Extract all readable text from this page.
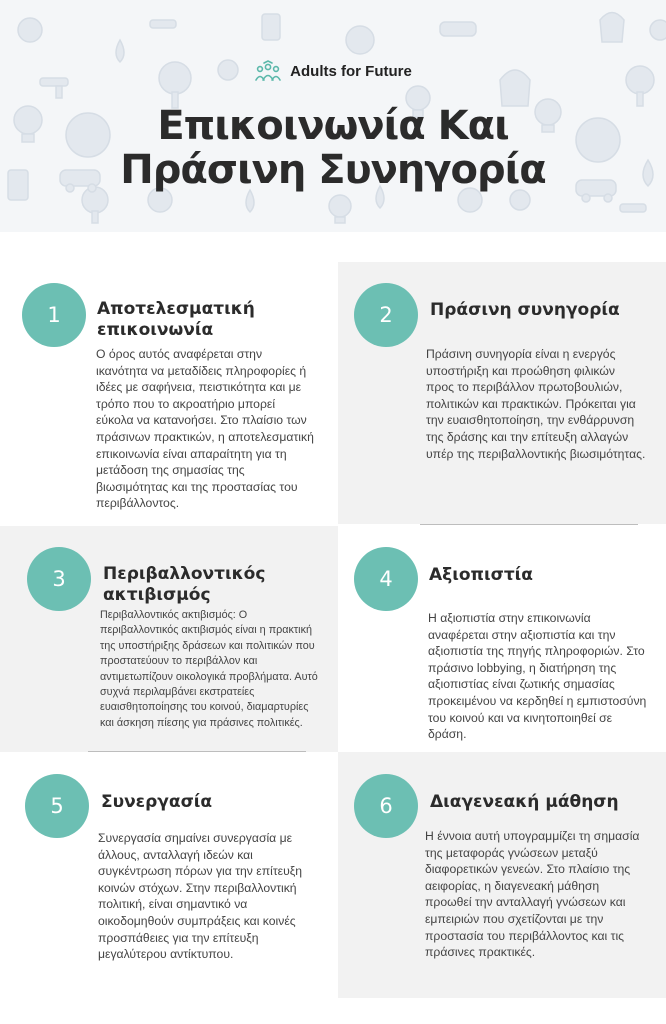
Adults for Future
Επικοινωνία Και
Πράσινη Συνηγορία
1	Αποτελεσματική επικοινωνία

Ο όρος αυτός αναφέρεται στην ικανότητα να μεταδίδεις πληροφορίες ή ιδέες με σαφήνεια, πειστικότητα και με τρόπο που το ακροατήριο μπορεί εύκολα να κατανοήσει. Στο πλαίσιο των πράσινων πρακτικών, η αποτελεσματική επικοινωνία είναι απαραίτητη για τη μετάδοση της σημασίας της βιωσιμότητας και της προστασίας του περιβάλλοντος.

2	Πράσινη συνηγορία

Πράσινη συνηγορία είναι η ενεργός υποστήριξη και προώθηση φιλικών προς το περιβάλλον πρωτοβουλιών, πολιτικών και πρακτικών. Πρόκειται για την ευαισθητοποίηση, την ενθάρρυνση της δράσης και την επίτευξη αλλαγών υπέρ της περιβαλλοντικής βιωσιμότητας.

3	Περιβαλλοντικός ακτιβισμός

Περιβαλλοντικός ακτιβισμός: Ο περιβαλλοντικός ακτιβισμός είναι η πρακτική της υποστήριξης δράσεων και πολιτικών που προστατεύουν το περιβάλλον και αντιμετωπίζουν οικολογικά προβλήματα. Αυτό συχνά περιλαμβάνει εκστρατείες ευαισθητοποίησης του κοινού, διαμαρτυρίες και άσκηση πίεσης για πράσινες πολιτικές.

4	Αξιοπιστία

Η αξιοπιστία στην επικοινωνία αναφέρεται στην αξιοπιστία και την αξιοπιστία της πηγής πληροφοριών. Στο πράσινο lobbying, η διατήρηση της αξιοπιστίας είναι ζωτικής σημασίας προκειμένου να κερδηθεί η εμπιστοσύνη του κοινού και να κινητοποιηθεί σε δράση.

5	Συνεργασία

Συνεργασία σημαίνει συνεργασία με άλλους, ανταλλαγή ιδεών και συγκέντρωση πόρων για την επίτευξη κοινών στόχων. Στην περιβαλλοντική πολιτική, είναι σημαντικό να οικοδομηθούν συμπράξεις και κοινές προσπάθειες για την επίτευξη μεγαλύτερου αντίκτυπου.

6	Διαγενεακή μάθηση

Η έννοια αυτή υπογραμμίζει τη σημασία της μεταφοράς γνώσεων μεταξύ διαφορετικών γενεών. Στο πλαίσιο της αειφορίας, η διαγενεακή μάθηση προωθεί την ανταλλαγή γνώσεων και εμπειριών που σχετίζονται με την προστασία του περιβάλλοντος και τις πράσινες πρακτικές.
